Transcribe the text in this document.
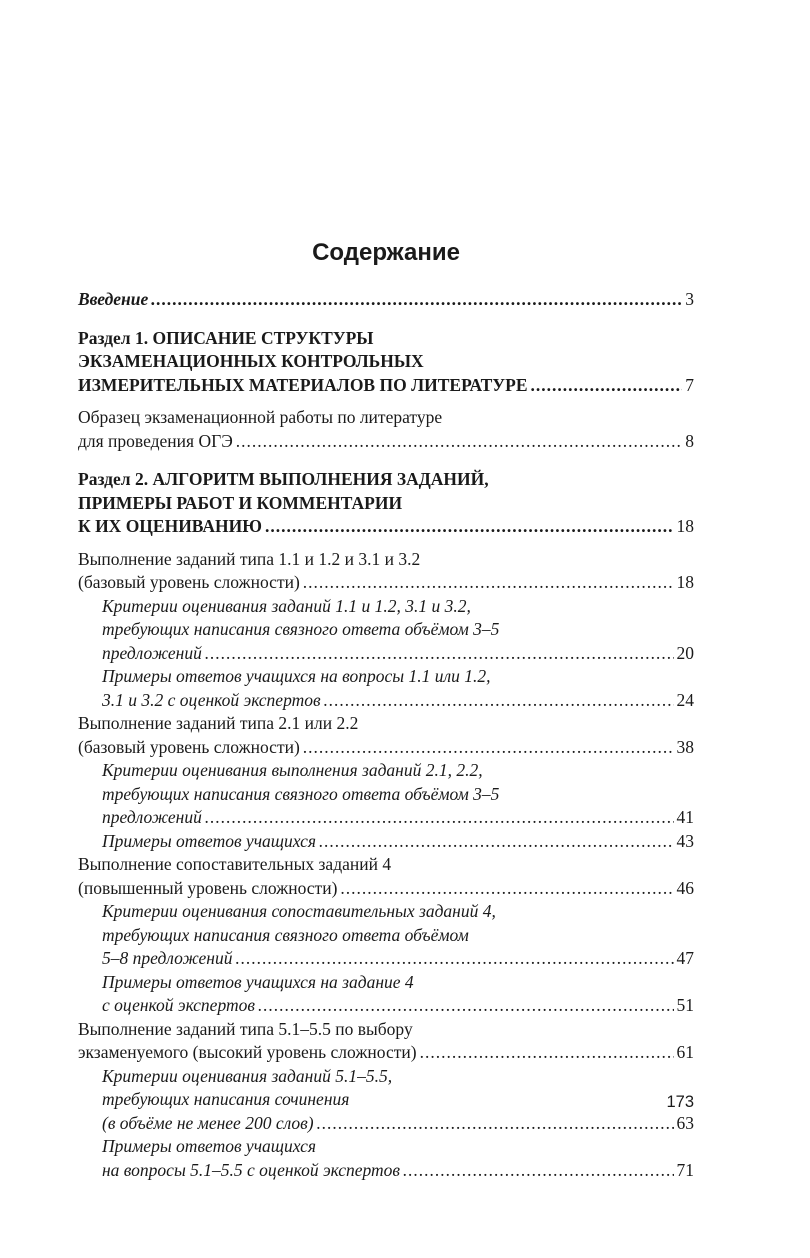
Содержание
Введение .....	3
Раздел 1. ОПИСАНИЕ СТРУКТУРЫ
ЭКЗАМЕНАЦИОННЫХ КОНТРОЛЬНЫХ
ИЗМЕРИТЕЛЬНЫХ МАТЕРИАЛОВ ПО ЛИТЕРАТУРЕ .....	7
Образец экзаменационной работы по литературе
для проведения ОГЭ .....	8
Раздел 2. АЛГОРИТМ ВЫПОЛНЕНИЯ ЗАДАНИЙ,
ПРИМЕРЫ РАБОТ И КОММЕНТАРИИ
К ИХ ОЦЕНИВАНИЮ .....	18
Выполнение заданий типа 1.1 и 1.2 и 3.1 и 3.2
(базовый уровень сложности) .....	18
Критерии оценивания заданий 1.1 и 1.2, 3.1 и 3.2,
требующих написания связного ответа объёмом 3–5
предложений .....	20
Примеры ответов учащихся на вопросы 1.1 или 1.2,
3.1 и 3.2 с оценкой экспертов .....	24
Выполнение заданий типа 2.1 или 2.2
(базовый уровень сложности) .....	38
Критерии оценивания выполнения заданий 2.1, 2.2,
требующих написания связного ответа объёмом 3–5
предложений .....	41
Примеры ответов учащихся .....	43
Выполнение сопоставительных заданий 4
(повышенный уровень сложности) .....	46
Критерии оценивания сопоставительных заданий 4,
требующих написания связного ответа объёмом
5–8 предложений .....	47
Примеры ответов учащихся на задание 4
с оценкой экспертов .....	51
Выполнение заданий типа 5.1–5.5 по выбору
экзаменуемого (высокий уровень сложности) .....	61
Критерии оценивания заданий 5.1–5.5,
требующих написания сочинения
(в объёме не менее 200 слов) .....	63
Примеры ответов учащихся
на вопросы 5.1–5.5 с оценкой экспертов .....	71
173
